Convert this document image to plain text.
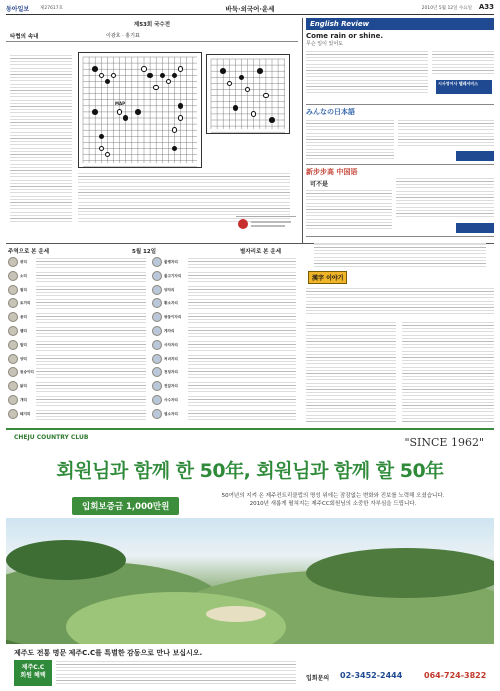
동아일보 제27617호	바둑·외국어·운세	2010년 5월 12일 수요일 A33
제53회 국수전
타협의 속내	이광호 · 홍기표
MAP
English Review
Come rain or shine.
무슨 일이 있어도
시사영어사 텔레서비스
みんなの日本語
新步步高 中国语
可不是
주역으로 본 운세	5월 12일	별자리로 본 운세
쥐띠	물병자리
소띠	물고기자리
범띠	양자리
토끼띠	황소자리
용띠	쌍둥이자리
뱀띠	게자리
말띠	사자자리
양띠	처녀자리
원숭이띠	천칭자리
닭띠	전갈자리
개띠	사수자리
돼지띠	염소자리
漢字 이야기
CHEJU COUNTRY CLUB	"SINCE 1962"
회원님과 함께 한 50年, 회원님과 함께 할 50年
입회보증금 1,000만원
50여년의 지켜 온 제주컨트리클럽의 명성 위에는 잠잠없는 변화와 진보를 노력해 오셨습니다.
2010년 새롭게 펼쳐지는 제주CC회원님의 소중한 자부심을 드립니다.
제주도 전통 명문 제주C.C를 특별한 감동으로 만나 보십시오.
제주C.C
회원 혜택	입회문의 02-3452-2444	064-724-3822
